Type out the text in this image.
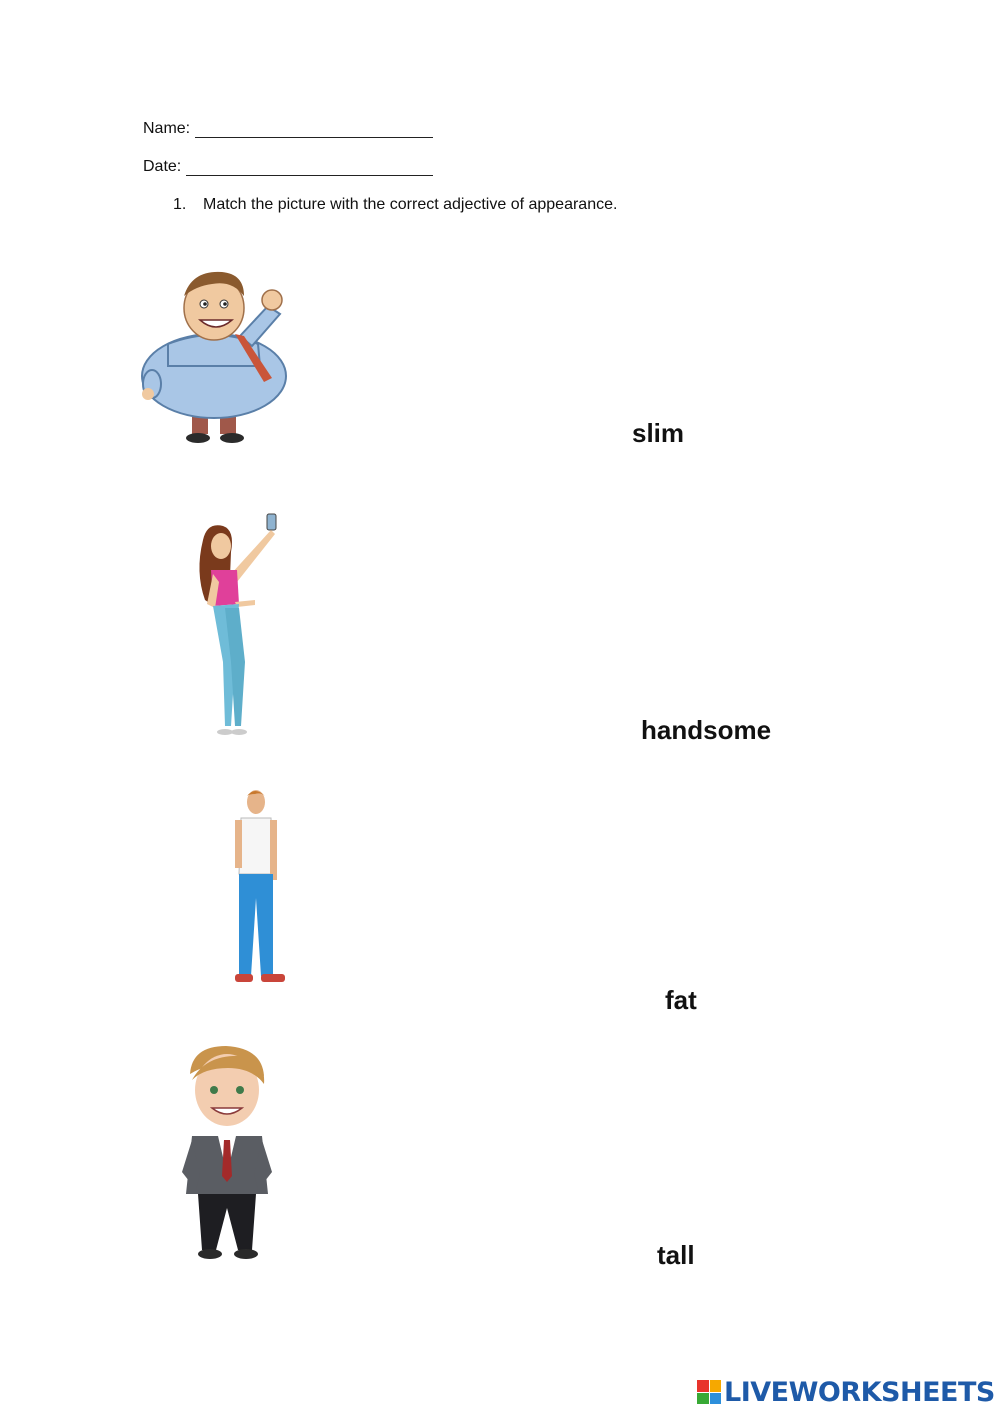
Name:
Date:
1. Match the picture with the correct adjective of appearance.
slim
handsome
fat
tall
LIVEWORKSHEETS
